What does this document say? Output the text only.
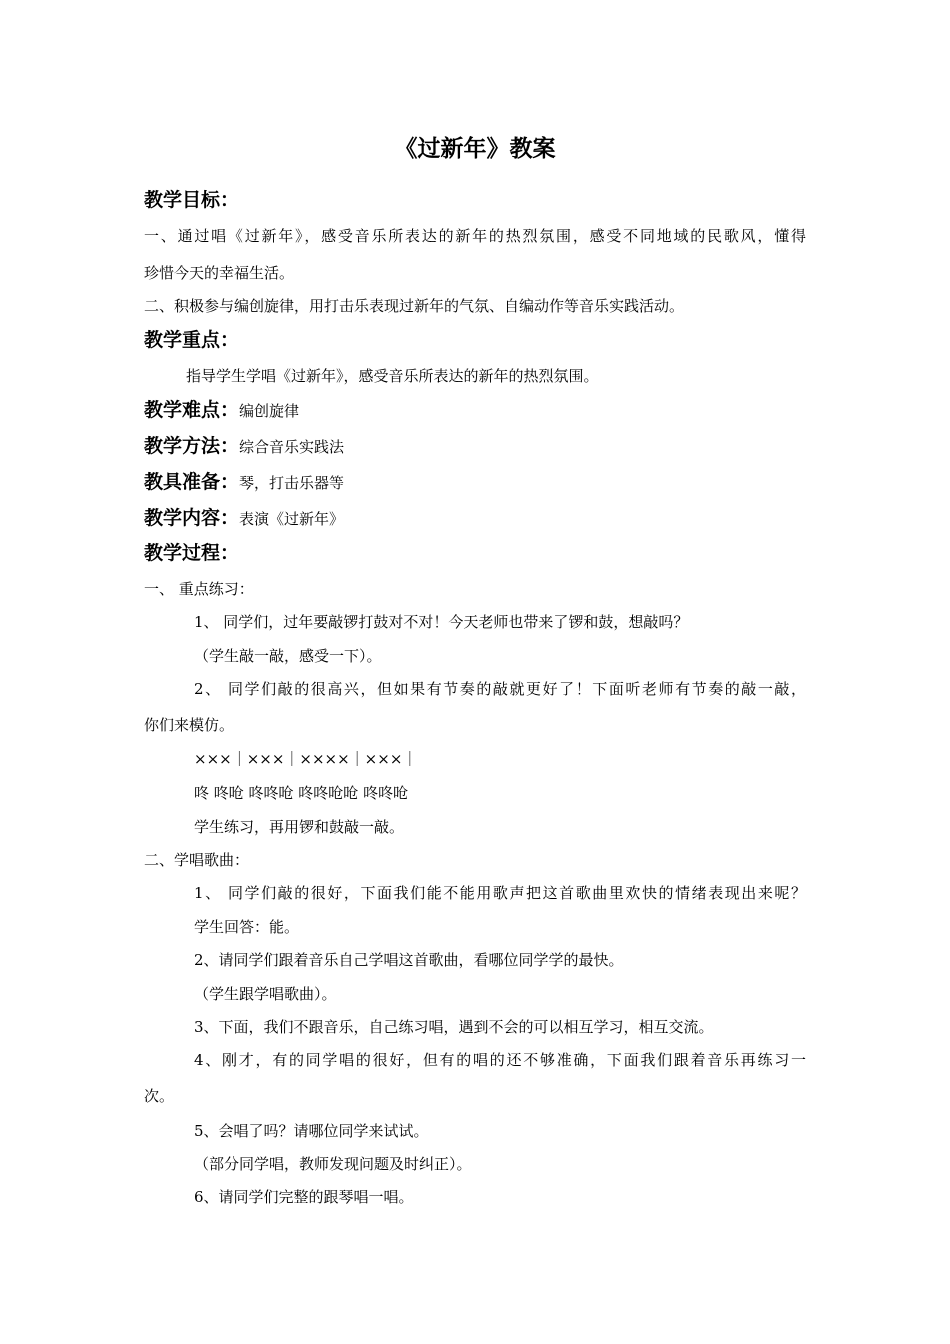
《过新年》教案
教学目标：
一、通过唱《过新年》，感受音乐所表达的新年的热烈氛围，感受不同地域的民歌风，懂得
珍惜今天的幸福生活。
二、积极参与编创旋律，用打击乐表现过新年的气氛、自编动作等音乐实践活动。
教学重点：
指导学生学唱《过新年》，感受音乐所表达的新年的热烈氛围。
教学难点：编创旋律
教学方法：综合音乐实践法
教具准备：琴，打击乐器等
教学内容：表演《过新年》
教学过程：
一、 重点练习：
1、 同学们，过年要敲锣打鼓对不对！今天老师也带来了锣和鼓，想敲吗？
（学生敲一敲，感受一下）。
2、 同学们敲的很高兴，但如果有节奏的敲就更好了！下面听老师有节奏的敲一敲，
你们来模仿。
×××｜×××｜××××｜×××｜
咚 咚呛 咚咚呛 咚咚呛呛 咚咚呛
学生练习，再用锣和鼓敲一敲。
二、学唱歌曲：
1、 同学们敲的很好，下面我们能不能用歌声把这首歌曲里欢快的情绪表现出来呢？
学生回答：能。
2、请同学们跟着音乐自己学唱这首歌曲，看哪位同学学的最快。
（学生跟学唱歌曲）。
3、下面，我们不跟音乐，自己练习唱，遇到不会的可以相互学习，相互交流。
4、刚才，有的同学唱的很好，但有的唱的还不够准确，下面我们跟着音乐再练习一
次。
5、会唱了吗？请哪位同学来试试。
（部分同学唱，教师发现问题及时纠正）。
6、请同学们完整的跟琴唱一唱。
